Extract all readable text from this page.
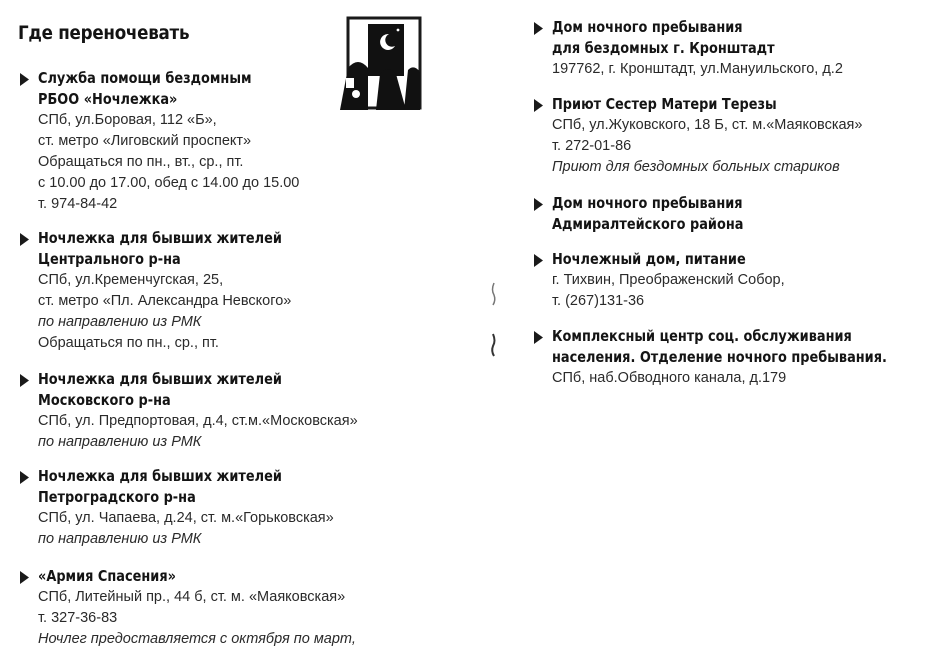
Где переночевать
Служба помощи бездомным
РБОО «Ночлежка»
СПб, ул.Боровая, 112 «Б»,
ст. метро «Лиговский проспект»
Обращаться по пн., вт., ср., пт.
с 10.00 до 17.00, обед с 14.00 до 15.00
т. 974-84-42
Ночлежка для бывших жителей
Центрального р-на
СПб, ул.Кременчугская, 25,
ст. метро «Пл. Александра Невского»
по направлению из РМК
Обращаться по пн., ср., пт.
Ночлежка для бывших жителей
Московского р-на
СПб, ул. Предпортовая, д.4, ст.м.«Московская»
по направлению из РМК
Ночлежка для бывших жителей
Петроградского р-на
СПб, ул. Чапаева, д.24, ст. м.«Горьковская»
по направлению из РМК
«Армия Спасения»
СПб, Литейный пр., 44 б, ст. м. «Маяковская»
т. 327-36-83
Ночлег предоставляется с октября по март,
Дом ночного пребывания
для бездомных г. Кронштадт
197762, г. Кронштадт, ул.Мануильского, д.2
Приют Сестер Матери Терезы
СПб, ул.Жуковского, 18 Б, ст. м.«Маяковская»
т. 272-01-86
Приют для бездомных больных стариков
Дом ночного пребывания
Адмиралтейского района
Ночлежный дом, питание
г. Тихвин, Преображенский Собор,
т. (267)131-36
Комплексный центр соц. обслуживания
населения. Отделение ночного пребывания.
СПб, наб.Обводного канала, д.179
